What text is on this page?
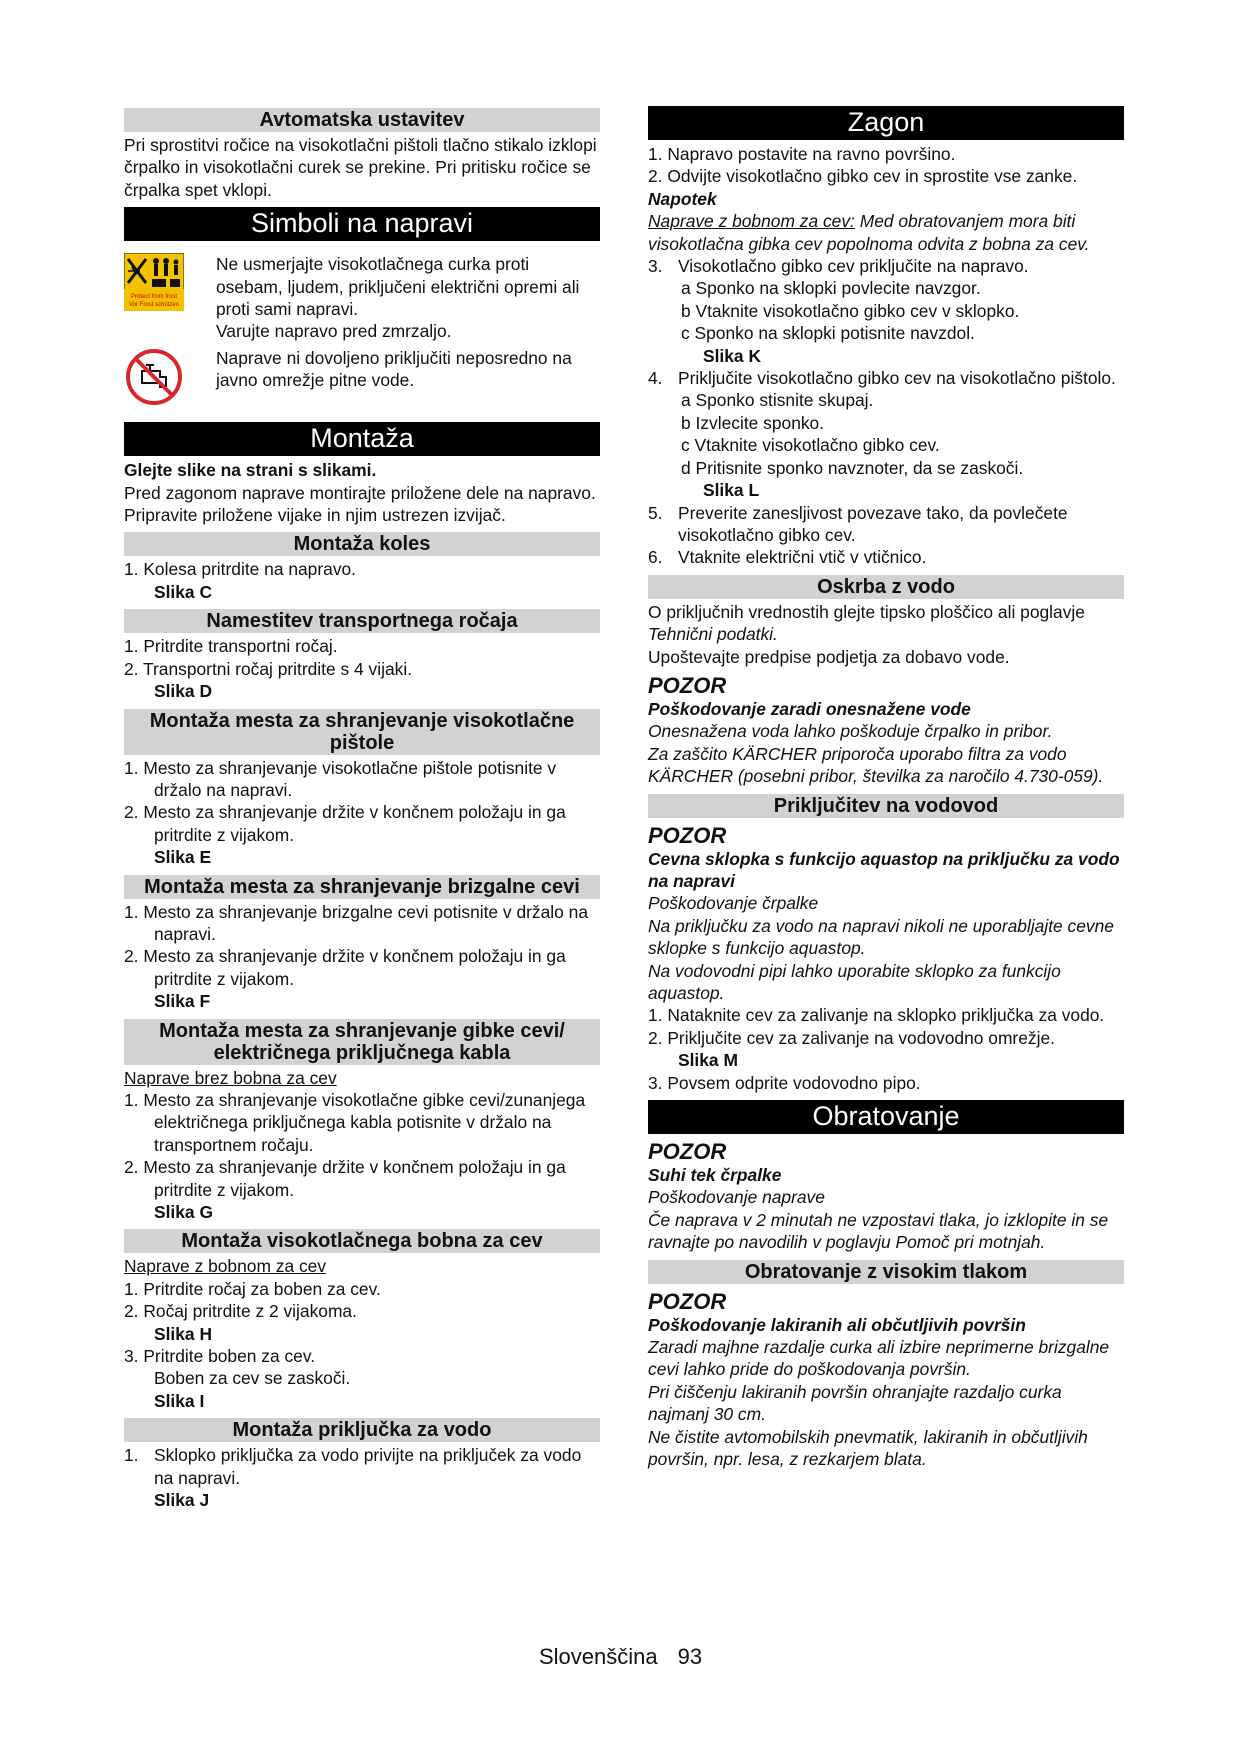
Avtomatska ustavitev

Pri sprostitvi ročice na visokotlačni pištoli tlačno stikalo izklopi črpalko in visokotlačni curek se prekine. Pri pritisku ročice se črpalka spet vklopi.

Simboli na napravi
Protect from frost
Vor Frost schützen

Ne usmerjajte visokotlačnega curka proti osebam, ljudem, priključeni električni opremi ali proti sami napravi.

Varujte napravo pred zmrzaljo.

Naprave ni dovoljeno priključiti neposredno na javno omrežje pitne vode.

Montaža

Glejte slike na strani s slikami.

Pred zagonom naprave montirajte priložene dele na napravo.

Pripravite priložene vijake in njim ustrezen izvijač.

Montaža koles

1. Kolesa pritrdite na napravo.

Slika C

Namestitev transportnega ročaja

1. Pritrdite transportni ročaj.

2. Transportni ročaj pritrdite s 4 vijaki.

Slika D

Montaža mesta za shranjevanje visokotlačne pištole

1. Mesto za shranjevanje visokotlačne pištole potisnite v držalo na napravi.

2. Mesto za shranjevanje držite v končnem položaju in ga pritrdite z vijakom.

Slika E

Montaža mesta za shranjevanje brizgalne cevi

1. Mesto za shranjevanje brizgalne cevi potisnite v držalo na napravi.

2. Mesto za shranjevanje držite v končnem položaju in ga pritrdite z vijakom.

Slika F

Montaža mesta za shranjevanje gibke cevi/ električnega priključnega kabla

Naprave brez bobna za cev

1. Mesto za shranjevanje visokotlačne gibke cevi/zunanjega električnega priključnega kabla potisnite v držalo na transportnem ročaju.

2. Mesto za shranjevanje držite v končnem položaju in ga pritrdite z vijakom.

Slika G

Montaža visokotlačnega bobna za cev

Naprave z bobnom za cev

1. Pritrdite ročaj za boben za cev.

2. Ročaj pritrdite z 2 vijakoma.

Slika H

3. Pritrdite boben za cev.

Boben za cev se zaskoči.

Slika I

Montaža priključka za vodo

1. Sklopko priključka za vodo privijte na priključek za vodo na napravi.

Slika J

Zagon

1. Napravo postavite na ravno površino.

2. Odvijte visokotlačno gibko cev in sprostite vse zanke.

Napotek

Naprave z bobnom za cev: Med obratovanjem mora biti visokotlačna gibka cev popolnoma odvita z bobna za cev.

3. Visokotlačno gibko cev priključite na napravo.

a Sponko na sklopki povlecite navzgor.

b Vtaknite visokotlačno gibko cev v sklopko.

c Sponko na sklopki potisnite navzdol.

Slika K

4. Priključite visokotlačno gibko cev na visokotlačno pištolo.

a Sponko stisnite skupaj.

b Izvlecite sponko.

c Vtaknite visokotlačno gibko cev.

d Pritisnite sponko navznoter, da se zaskoči.

Slika L

5. Preverite zanesljivost povezave tako, da povlečete visokotlačno gibko cev.

6. Vtaknite električni vtič v vtičnico.

Oskrba z vodo

O priključnih vrednostih glejte tipsko ploščico ali poglavje Tehnični podatki.

Upoštevajte predpise podjetja za dobavo vode.

POZOR

Poškodovanje zaradi onesnažene vode

Onesnažena voda lahko poškoduje črpalko in pribor.

Za zaščito KÄRCHER priporoča uporabo filtra za vodo KÄRCHER (posebni pribor, številka za naročilo 4.730-059).

Priključitev na vodovod

POZOR

Cevna sklopka s funkcijo aquastop na priključku za vodo na napravi

Poškodovanje črpalke

Na priključku za vodo na napravi nikoli ne uporabljajte cevne sklopke s funkcijo aquastop.

Na vodovodni pipi lahko uporabite sklopko za funkcijo aquastop.

1. Nataknite cev za zalivanje na sklopko priključka za vodo.

2. Priključite cev za zalivanje na vodovodno omrežje.

Slika M

3. Povsem odprite vodovodno pipo.

Obratovanje

POZOR

Suhi tek črpalke

Poškodovanje naprave

Če naprava v 2 minutah ne vzpostavi tlaka, jo izklopite in se ravnajte po navodilih v poglavju Pomoč pri motnjah.

Obratovanje z visokim tlakom

POZOR

Poškodovanje lakiranih ali občutljivih površin

Zaradi majhne razdalje curka ali izbire neprimerne brizgalne cevi lahko pride do poškodovanja površin.

Pri čiščenju lakiranih površin ohranjajte razdaljo curka najmanj 30 cm.

Ne čistite avtomobilskih pnevmatik, lakiranih in občutljivih površin, npr. lesa, z rezkarjem blata.

Slovenščina 93
